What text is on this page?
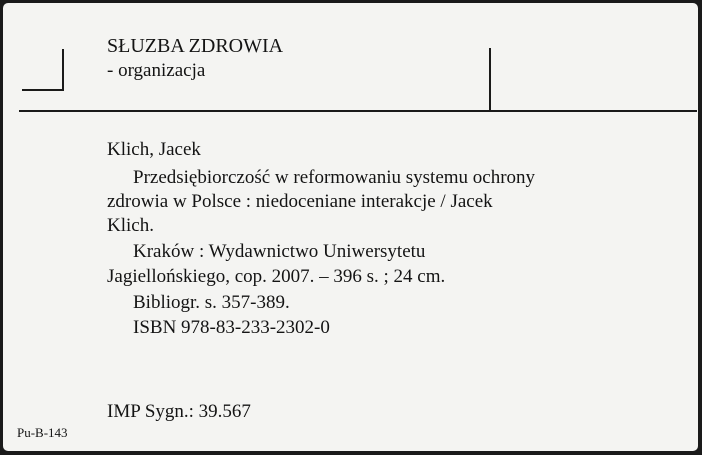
SŁUZBA ZDROWIA
- organizacja
Klich, Jacek
Przedsiębiorczość w reformowaniu systemu ochrony
zdrowia w Polsce : niedoceniane interakcje / Jacek
Klich.
Kraków : Wydawnictwo Uniwersytetu
Jagiellońskiego, cop. 2007. – 396 s. ; 24 cm.
Bibliogr. s. 357-389.
ISBN 978-83-233-2302-0
IMP Sygn.: 39.567
Pu-B-143
